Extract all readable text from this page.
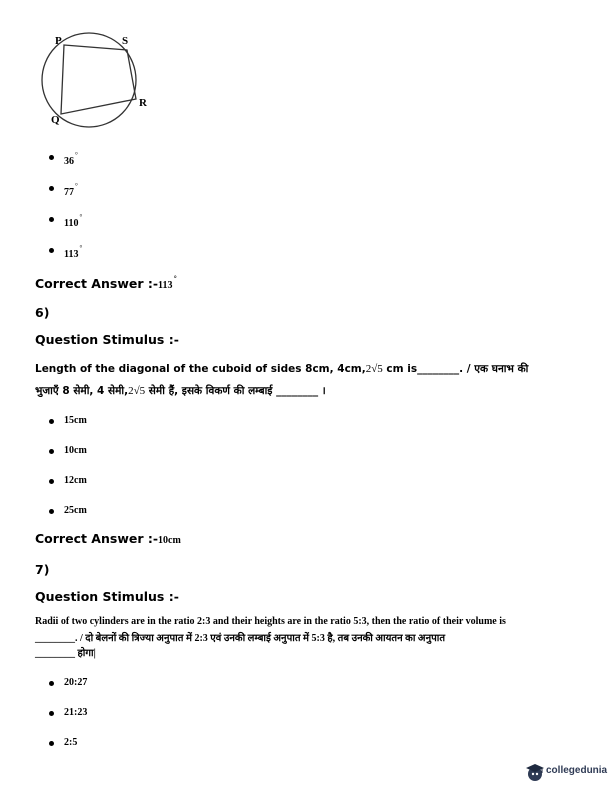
P	S
R
Q
36°
77°
110°
113°
Correct Answer :-113°
6)
Question Stimulus :-
Length of the diagonal of the cuboid of sides 8cm, 4cm,2√5 cm is________. / एक घनाभ की
भुजाएँ 8 सेमी, 4 सेमी,2√5 सेमी हैं, इसके विकर्ण की लम्बाई ________ ।
15cm
10cm
12cm
25cm
Correct Answer :-10cm
7)
Question Stimulus :-
Radii of two cylinders are in the ratio 2:3 and their heights are in the ratio 5:3, then the ratio of their volume is
________. / दो बेलनों की त्रिज्या अनुपात में 2:3 एवं उनकी लम्बाई अनुपात में 5:3 है, तब उनकी आयतन का अनुपात
________ होगा|
20:27
21:23
2:5
collegedunia
